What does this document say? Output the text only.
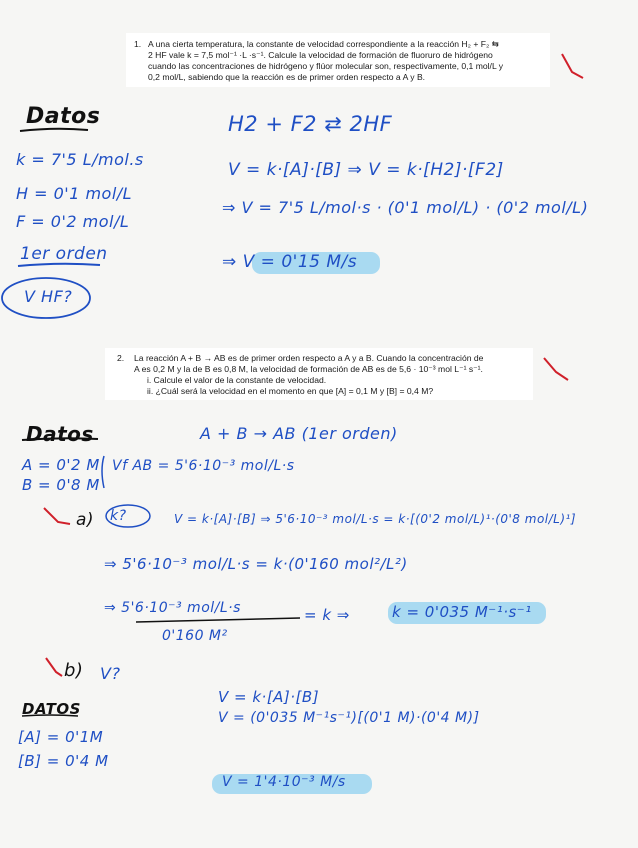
1. A una cierta temperatura, la constante de velocidad correspondiente a la reacción H₂ + F₂ ⇆
2 HF vale k = 7,5 mol⁻¹ ·L ·s⁻¹. Calcule la velocidad de formación de fluoruro de hidrógeno
cuando las concentraciones de hidrógeno y flúor molecular son, respectivamente, 0,1 mol/L y
0,2 mol/L, sabiendo que la reacción es de primer orden respecto a A y B.
Datos
k = 7'5 L/mol.s
H = 0'1 mol/L
F = 0'2 mol/L
1er orden
V HF?
H2 + F2 ⇄ 2HF
V = k·[A]·[B] ⇒ V = k·[H2]·[F2]
⇒ V = 7'5 L/mol·s · (0'1 mol/L) · (0'2 mol/L)
⇒ V = 0'15 M/s
2. La reacción A + B → AB es de primer orden respecto a A y a B. Cuando la concentración de
A es 0,2 M y la de B es 0,8 M, la velocidad de formación de AB es de 5,6 · 10⁻³ mol L⁻¹ s⁻¹.
i. Calcule el valor de la constante de velocidad.
ii. ¿Cuál será la velocidad en el momento en que [A] = 0,1 M y [B] = 0,4 M?
Datos	A + B → AB (1er orden)
A = 0'2 M
B = 0'8 M
Vf AB = 5'6·10⁻³ mol/L·s
a) k?	V = k·[A]·[B] ⇒ 5'6·10⁻³ mol/L·s = k·[(0'2 mol/L)¹·(0'8 mol/L)¹]
⇒ 5'6·10⁻³ mol/L·s = k·(0'160 mol²/L²)
⇒ 5'6·10⁻³ mol/L·s
0'160 M²
= k ⇒	k = 0'035 M⁻¹·s⁻¹
b) V?
DATOS
[A] = 0'1M
[B] = 0'4 M
V = k·[A]·[B]
V = (0'035 M⁻¹s⁻¹)[(0'1 M)·(0'4 M)]
V = 1'4·10⁻³ M/s
